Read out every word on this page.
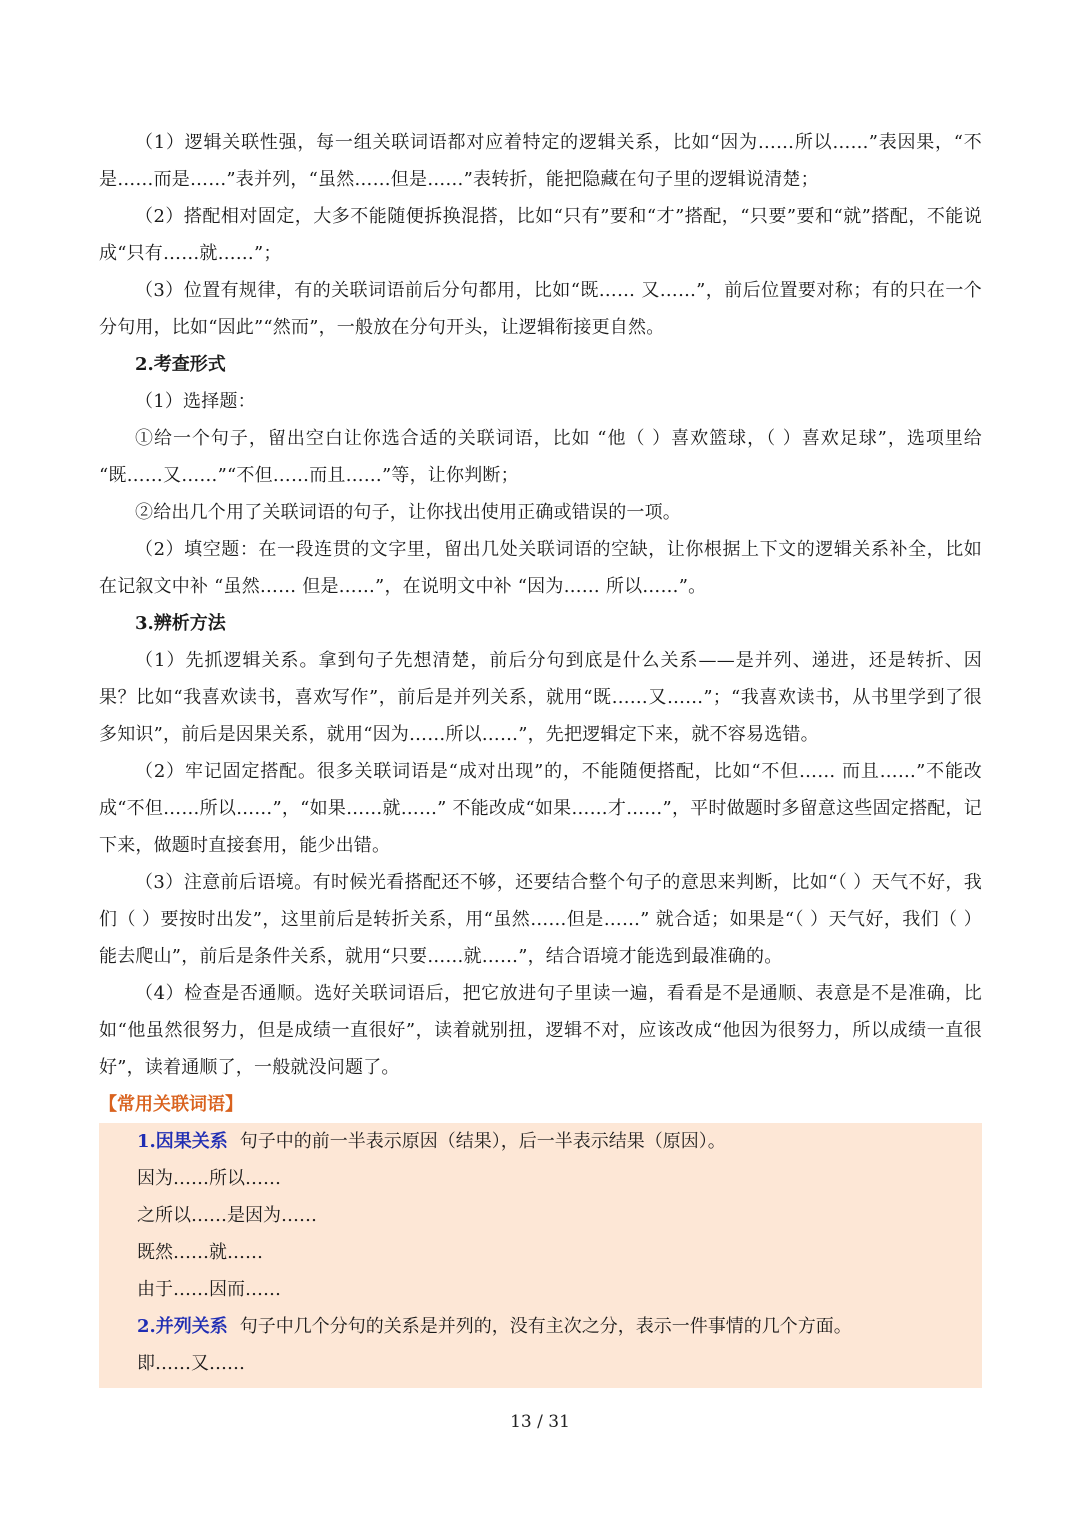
（1）逻辑关联性强，每一组关联词语都对应着特定的逻辑关系，比如“因为……所以……”表因果，“不是……而是……”表并列，“虽然……但是……”表转折，能把隐藏在句子里的逻辑说清楚；

（2）搭配相对固定，大多不能随便拆换混搭，比如“只有”要和“才”搭配，“只要”要和“就”搭配，不能说成“只有……就……”；

（3）位置有规律，有的关联词语前后分句都用，比如“既…… 又……”，前后位置要对称；有的只在一个分句用，比如“因此”“然而”，一般放在分句开头，让逻辑衔接更自然。

2.考查形式

（1）选择题：

①给一个句子，留出空白让你选合适的关联词语，比如 “他（ ）喜欢篮球，（ ）喜欢足球”，选项里给 “既……又……”“不但……而且……”等，让你判断；

②给出几个用了关联词语的句子，让你找出使用正确或错误的一项。

（2）填空题：在一段连贯的文字里，留出几处关联词语的空缺，让你根据上下文的逻辑关系补全，比如在记叙文中补 “虽然…… 但是……”，在说明文中补 “因为…… 所以……”。

3.辨析方法

（1）先抓逻辑关系。拿到句子先想清楚，前后分句到底是什么关系——是并列、递进，还是转折、因果？比如“我喜欢读书，喜欢写作”，前后是并列关系，就用“既……又……”；“我喜欢读书，从书里学到了很多知识”，前后是因果关系，就用“因为……所以……”，先把逻辑定下来，就不容易选错。

（2）牢记固定搭配。很多关联词语是“成对出现”的，不能随便搭配，比如“不但…… 而且……”不能改成“不但……所以……”，“如果……就……” 不能改成“如果……才……”，平时做题时多留意这些固定搭配，记下来，做题时直接套用，能少出错。

（3）注意前后语境。有时候光看搭配还不够，还要结合整个句子的意思来判断，比如“（ ）天气不好，我们（ ）要按时出发”，这里前后是转折关系，用“虽然……但是……” 就合适；如果是“（ ）天气好，我们（ ）能去爬山”，前后是条件关系，就用“只要……就……”，结合语境才能选到最准确的。

（4）检查是否通顺。选好关联词语后，把它放进句子里读一遍，看看是不是通顺、表意是不是准确，比如“他虽然很努力，但是成绩一直很好”，读着就别扭，逻辑不对，应该改成“他因为很努力，所以成绩一直很好”，读着通顺了，一般就没问题了。

【常用关联词语】

1.因果关系 句子中的前一半表示原因（结果），后一半表示结果（原因）。

因为……所以……

之所以……是因为……

既然……就……

由于……因而……

2.并列关系 句子中几个分句的关系是并列的，没有主次之分，表示一件事情的几个方面。

即……又……

13 / 31
